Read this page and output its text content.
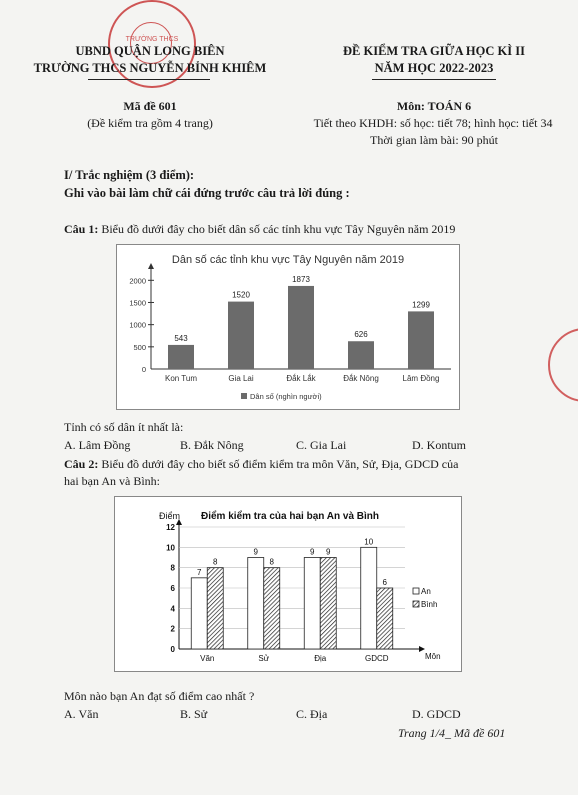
TRƯỜNG THCS
UBND QUẬN LONG BIÊN
TRƯỜNG THCS NGUYỄN BỈNH KHIÊM
ĐỀ KIỂM TRA GIỮA HỌC KÌ II
NĂM HỌC 2022-2023
Mã đề 601
(Đề kiểm tra gồm 4 trang)
Môn: TOÁN 6
Tiết theo KHDH: số học: tiết 78; hình học: tiết 34
Thời gian làm bài: 90 phút
I/ Trắc nghiệm (3 điểm):
Ghi vào bài làm chữ cái đứng trước câu trả lời đúng :
Câu 1: Biểu đồ dưới đây cho biết dân số các tỉnh khu vực Tây Nguyên năm 2019
Dân số các tỉnh khu vực Tây Nguyên năm 2019
0
500
1000
1500
2000
543
Kon Tum
1520
Gia Lai
1873
Đắk Lắk
626
Đắk Nông
1299
Lâm Đồng
Dân số (nghìn người)
Tỉnh có số dân ít nhất là:
A. Lâm Đồng	B. Đắk Nông	C. Gia Lai	D. Kontum
Câu 2: Biểu đồ dưới đây cho biết số điểm kiểm tra môn Văn, Sử, Địa, GDCD của
hai bạn An và Bình:
Điểm kiểm tra của hai bạn An và Bình
Điểm
Môn
0
2
4
6
8
10
12
7
8
Văn
9
8
Sử
9 9
Địa
10
6
GDCD
An
Bình
Môn nào bạn An đạt số điểm cao nhất ?
A. Văn	B. Sử	C. Địa	D. GDCD
Trang 1/4_ Mã đề 601
